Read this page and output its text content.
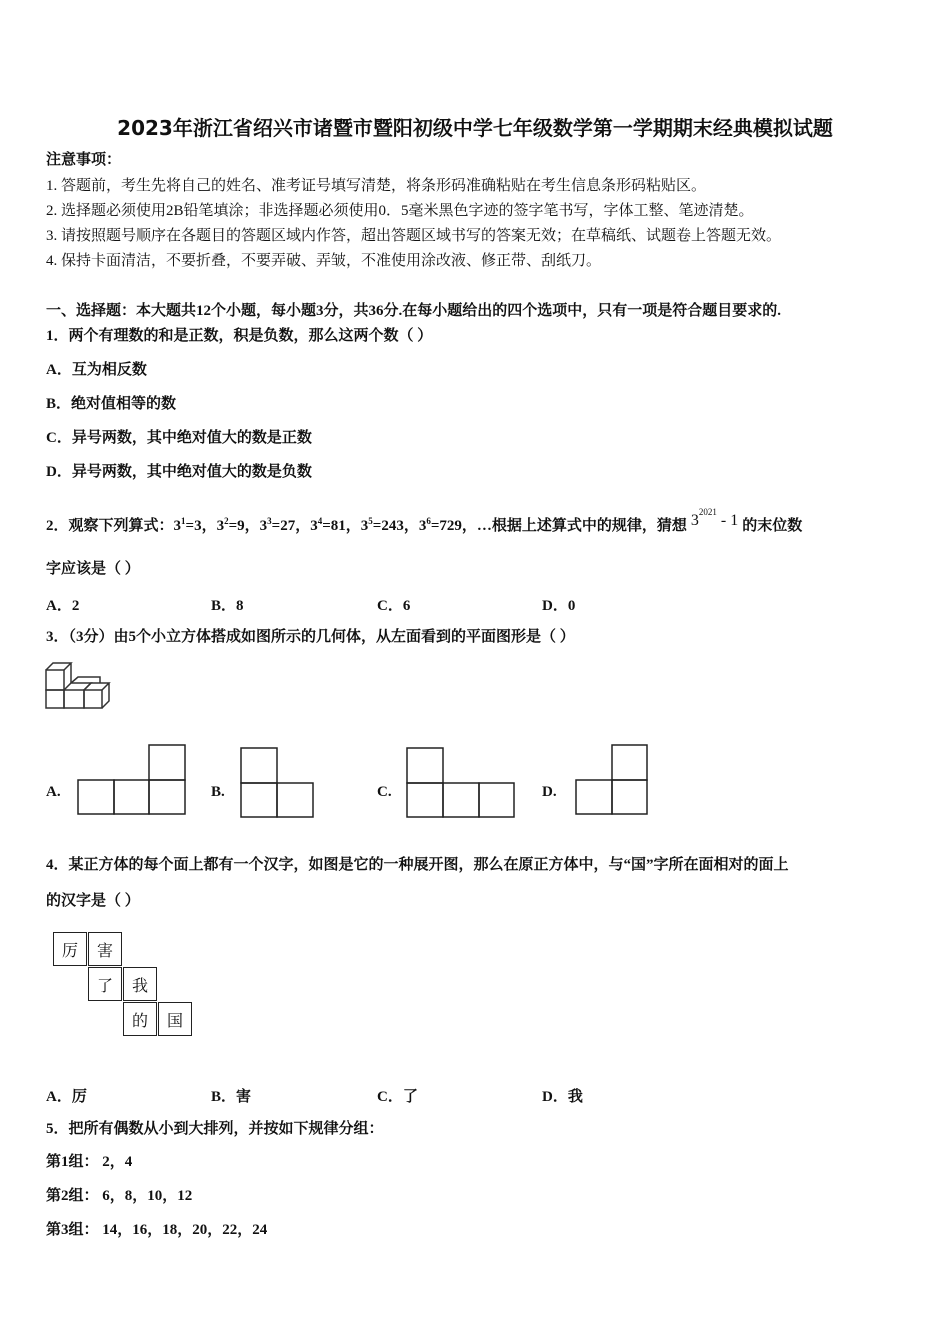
2023年浙江省绍兴市诸暨市暨阳初级中学七年级数学第一学期期末经典模拟试题
注意事项：
1. 答题前，考生先将自己的姓名、准考证号填写清楚，将条形码准确粘贴在考生信息条形码粘贴区。
2. 选择题必须使用2B铅笔填涂；非选择题必须使用0．5毫米黑色字迹的签字笔书写，字体工整、笔迹清楚。
3. 请按照题号顺序在各题目的答题区域内作答，超出答题区域书写的答案无效；在草稿纸、试题卷上答题无效。
4. 保持卡面清洁，不要折叠，不要弄破、弄皱，不准使用涂改液、修正带、刮纸刀。
一、选择题：本大题共12个小题，每小题3分，共36分.在每小题给出的四个选项中，只有一项是符合题目要求的.
1．两个有理数的和是正数，积是负数，那么这两个数（ ）
A．互为相反数
B．绝对值相等的数
C．异号两数，其中绝对值大的数是正数
D．异号两数，其中绝对值大的数是负数
2．观察下列算式： $3^1=3$， $3^2=9$， $3^3=27$， $3^4=81$， $3^5=243$， $3^6=729$， …根据上述算式中的规律，猜想 $3^{2021} - 1$ 的末位数
字应该是（ ）
A．2	B．8	C．6	D．0
3．（3分）由5个小立方体搭成如图所示的几何体，从左面看到的平面图形是（ ）
A.	B.	C.	D.
4．某正方体的每个面上都有一个汉字，如图是它的一种展开图，那么在原正方体中，与“国”字所在面相对的面上
的汉字是（ ）
厉	害
了	我
的	国
A．厉	B．害	C．了	D．我
5．把所有偶数从小到大排列，并按如下规律分组：
第1组： 2，4
第2组： 6，8，10，12
第3组： 14，16，18，20，22，24
